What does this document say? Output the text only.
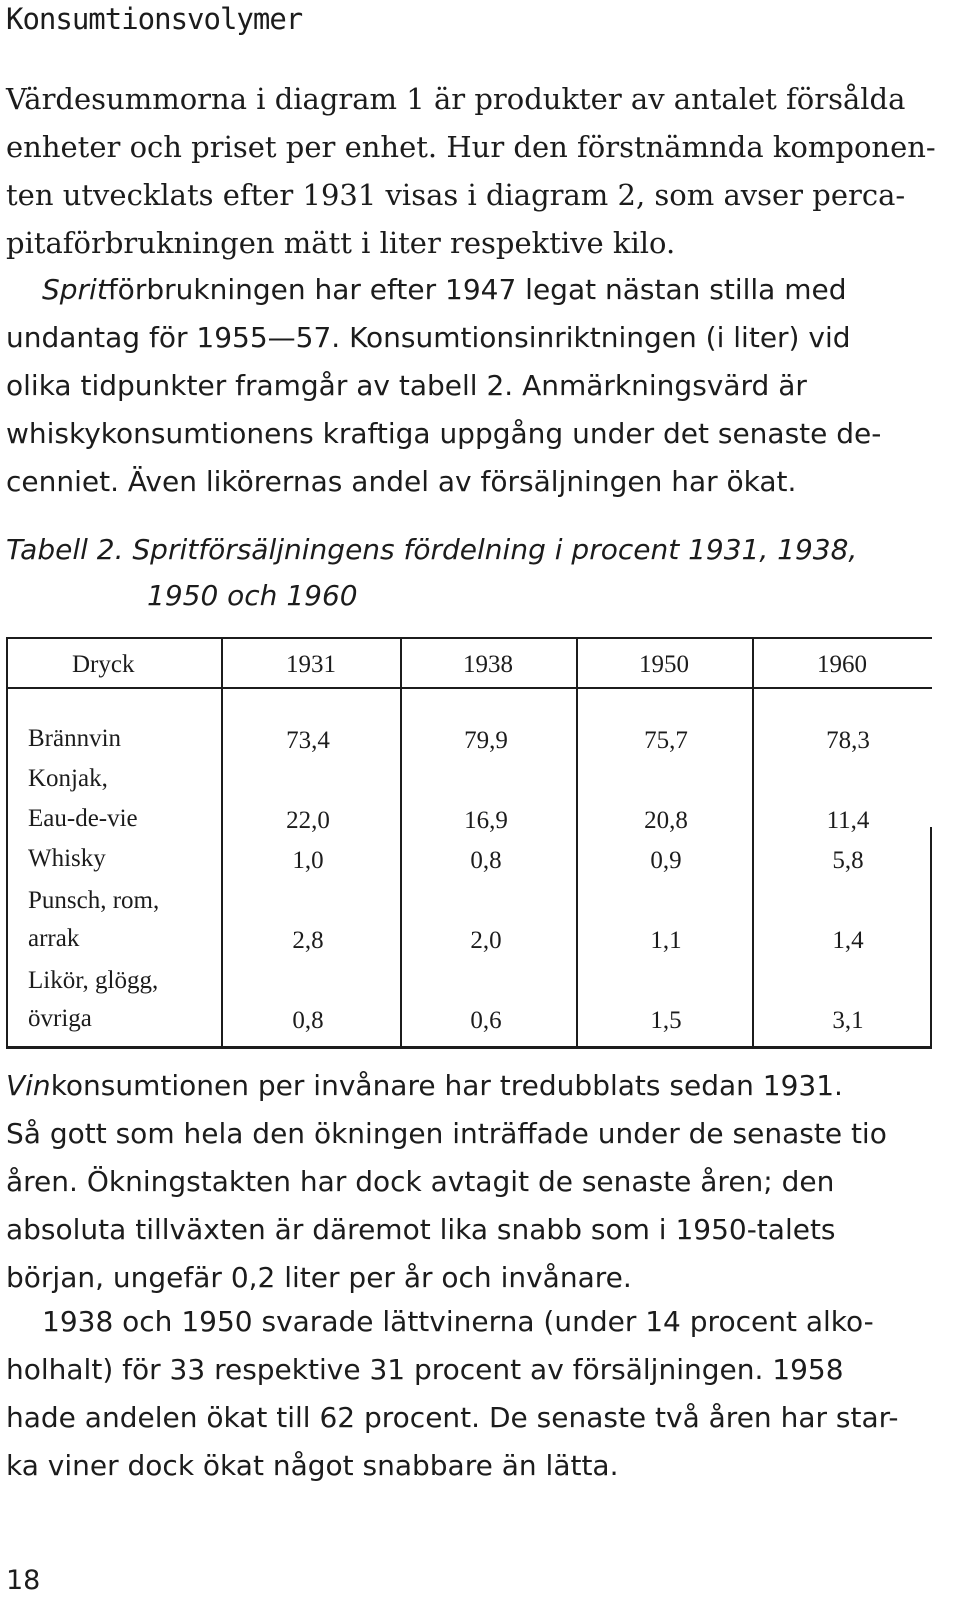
Konsumtionsvolymer

Värdesummorna i diagram 1 är produkter av antalet försålda
enheter och priset per enhet. Hur den förstnämnda komponen-
ten utvecklats efter 1931 visas i diagram 2, som avser perca-
pitaförbrukningen mätt i liter respektive kilo.

Spritförbrukningen har efter 1947 legat nästan stilla med
undantag för 1955—57. Konsumtionsinriktningen (i liter) vid
olika tidpunkter framgår av tabell 2. Anmärkningsvärd är
whiskykonsumtionens kraftiga uppgång under det senaste de-
cenniet. Även likörernas andel av försäljningen har ökat.

Tabell 2. Spritförsäljningens fördelning i procent 1931, 1938,
1950 och 1960

Dryck	1931	1938	1950	1960
Brännvin	73,4	79,9	75,7	78,3
Konjak,
Eau-de-vie	22,0	16,9	20,8	11,4
Whisky	1,0	0,8	0,9	5,8
Punsch, rom,
arrak	2,8	2,0	1,1	1,4
Likör, glögg,
övriga	0,8	0,6	1,5	3,1

Vinkonsumtionen per invånare har tredubblats sedan 1931.
Så gott som hela den ökningen inträffade under de senaste tio
åren. Ökningstakten har dock avtagit de senaste åren; den
absoluta tillväxten är däremot lika snabb som i 1950-talets
början, ungefär 0,2 liter per år och invånare.

1938 och 1950 svarade lättvinerna (under 14 procent alko-
holhalt) för 33 respektive 31 procent av försäljningen. 1958
hade andelen ökat till 62 procent. De senaste två åren har star-
ka viner dock ökat något snabbare än lätta.

18
